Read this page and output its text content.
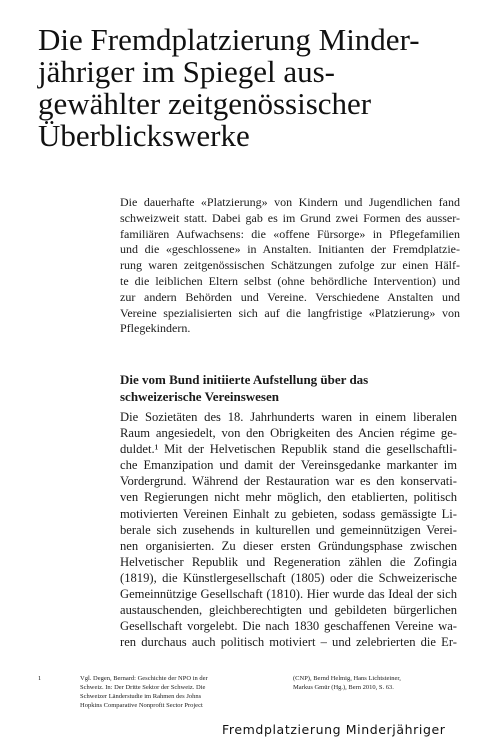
Die Fremdplatzierung Minder-
jähriger im Spiegel aus-
gewählter zeitgenössischer
Überblickswerke
Die dauerhafte «Platzierung» von Kindern und Jugendlichen fand
schweizweit statt. Dabei gab es im Grund zwei Formen des ausser-
familiären Aufwachsens: die «offene Fürsorge» in Pflegefamilien
und die «geschlossene» in Anstalten. Initianten der Fremdplatzie-
rung waren zeitgenössischen Schätzungen zufolge zur einen Hälf-
te die leiblichen Eltern selbst (ohne behördliche Intervention) und
zur andern Behörden und Vereine. Verschiedene Anstalten und
Vereine spezialisierten sich auf die langfristige «Platzierung» von
Pflegekindern.
Die vom Bund initiierte Aufstellung über das
schweizerische Vereinswesen
Die Sozietäten des 18. Jahrhunderts waren in einem liberalen
Raum angesiedelt, von den Obrigkeiten des Ancien régime ge-
duldet.¹ Mit der Helvetischen Republik stand die gesellschaftli-
che Emanzipation und damit der Vereinsgedanke markanter im
Vordergrund. Während der Restauration war es den konservati-
ven Regierungen nicht mehr möglich, den etablierten, politisch
motivierten Vereinen Einhalt zu gebieten, sodass gemässigte Li-
berale sich zusehends in kulturellen und gemeinnützigen Verei-
nen organisierten. Zu dieser ersten Gründungsphase zwischen
Helvetischer Republik und Regeneration zählen die Zofingia
(1819), die Künstlergesellschaft (1805) oder die Schweizerische
Gemeinnützige Gesellschaft (1810). Hier wurde das Ideal der sich
austauschenden, gleichberechtigten und gebildeten bürgerlichen
Gesellschaft vorgelebt. Die nach 1830 geschaffenen Vereine wa-
ren durchaus auch politisch motiviert – und zelebrierten die Er-
1	Vgl. Degen, Bernard: Geschichte der NPO in der
Schweiz. In: Der Dritte Sektor der Schweiz. Die
Schweizer Länderstudie im Rahmen des Johns
Hopkins Comparative Nonprofit Sector Project
(CNP), Bernd Helmig, Hans Lichtsteiner,
Markus Gmür (Hg.), Bern 2010, S. 63.
Fremdplatzierung Minderjähriger
